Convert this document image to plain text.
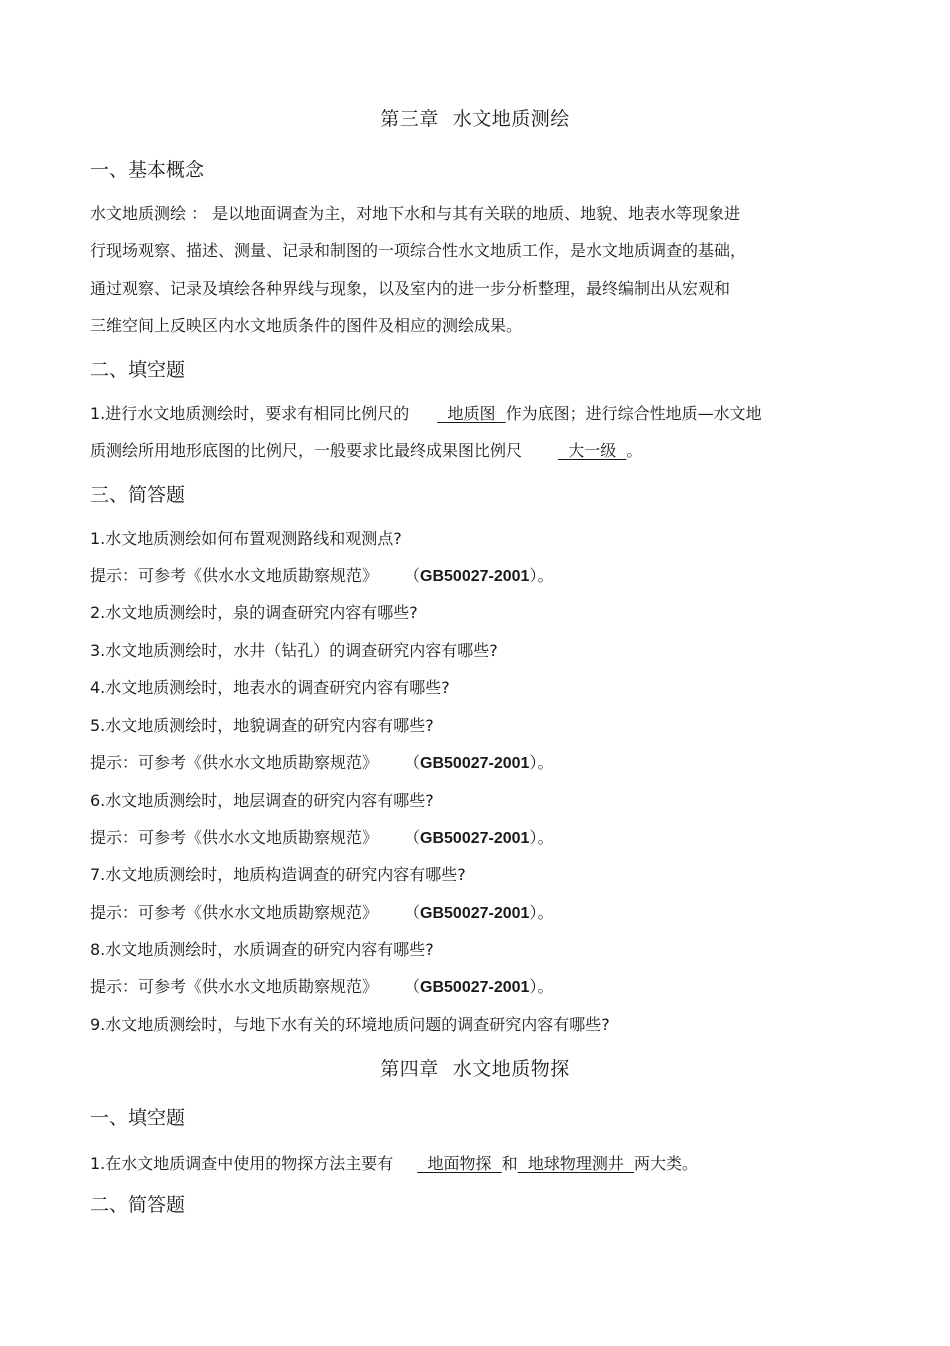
第三章 水文地质测绘
一、基本概念
水文地质测绘 ： 是以地面调查为主，对地下水和与其有关联的地质、地貌、地表水等现象进
行现场观察、描述、测量、记录和制图的一项综合性水文地质工作，是水文地质调查的基础，
通过观察、记录及填绘各种界线与现象，以及室内的进一步分析整理，最终编制出从宏观和
三维空间上反映区内水文地质条件的图件及相应的测绘成果。
二、填空题
1.进行水文地质测绘时，要求有相同比例尺的  地质图  作为底图；进行综合性地质—水文地
质测绘所用地形底图的比例尺，一般要求比最终成果图比例尺  大一级  。
三、简答题
1.水文地质测绘如何布置观测路线和观测点?
提示：可参考《供水水文地质勘察规范》 （GB50027-2001）。
2.水文地质测绘时，泉的调查研究内容有哪些?
3.水文地质测绘时，水井（钻孔）的调查研究内容有哪些?
4.水文地质测绘时，地表水的调查研究内容有哪些?
5.水文地质测绘时，地貌调查的研究内容有哪些?
提示：可参考《供水水文地质勘察规范》 （GB50027-2001）。
6.水文地质测绘时，地层调查的研究内容有哪些?
提示：可参考《供水水文地质勘察规范》 （GB50027-2001）。
7.水文地质测绘时，地质构造调查的研究内容有哪些?
提示：可参考《供水水文地质勘察规范》 （GB50027-2001）。
8.水文地质测绘时，水质调查的研究内容有哪些?
提示：可参考《供水水文地质勘察规范》 （GB50027-2001）。
9.水文地质测绘时，与地下水有关的环境地质问题的调查研究内容有哪些?
第四章 水文地质物探
一、填空题
1.在水文地质调查中使用的物探方法主要有  地面物探  和  地球物理测井  两大类。
二、简答题
